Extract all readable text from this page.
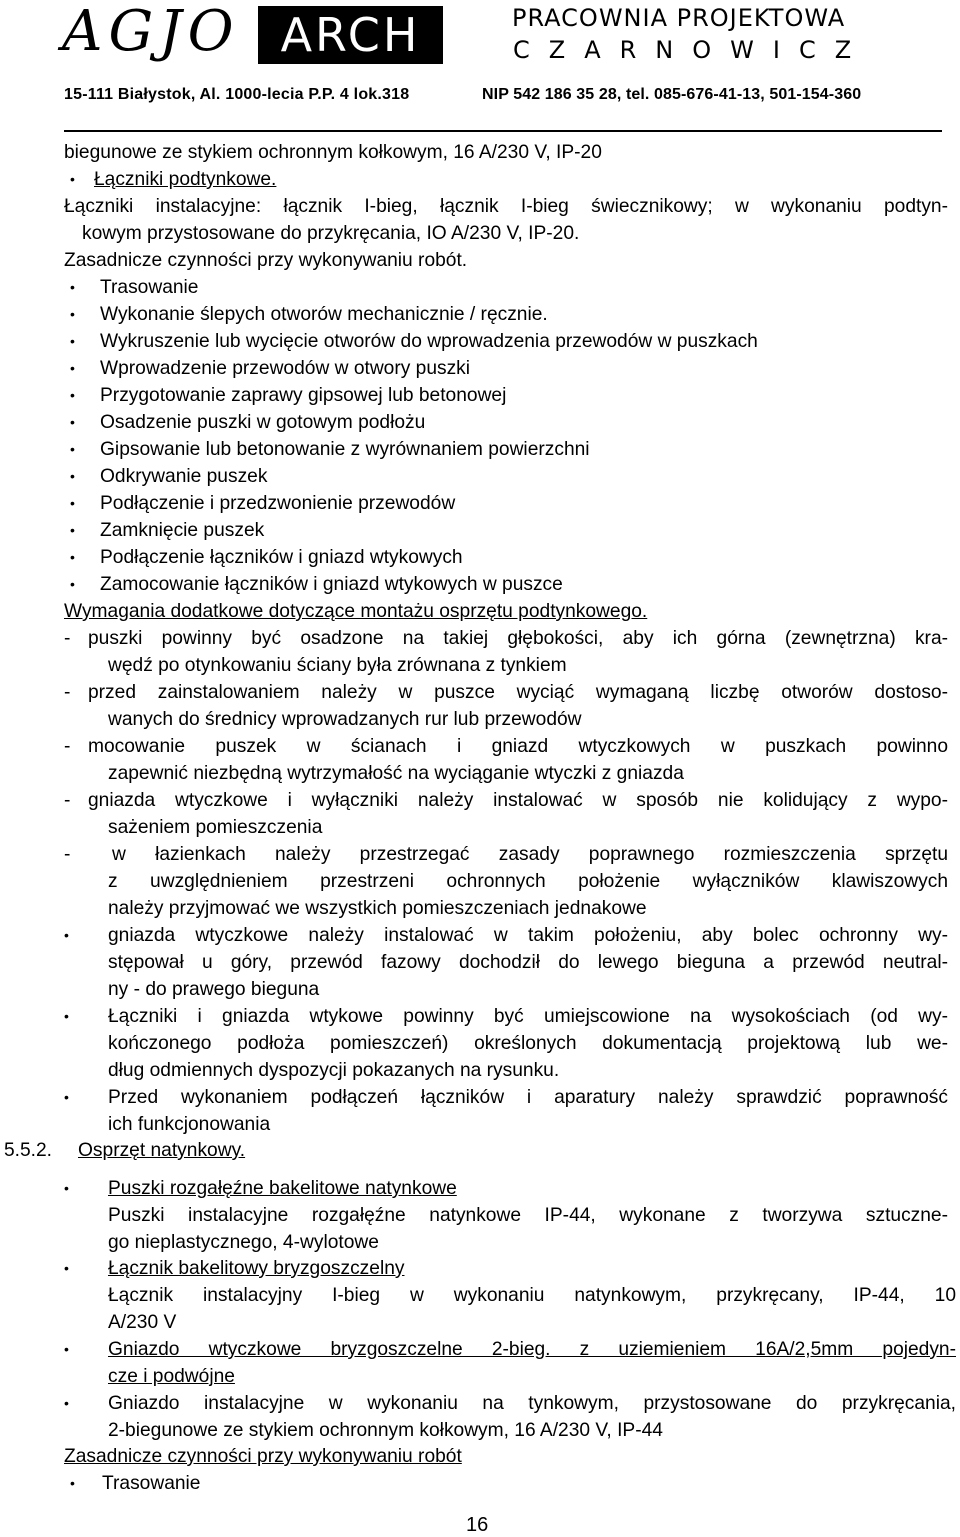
AGJO ARCH	PRACOWNIA PROJEKTOWA
CZARNOWICZ
15-111 Białystok, Al. 1000-lecia P.P. 4 lok.318	NIP 542 186 35 28, tel. 085-676-41-13, 501-154-360
biegunowe ze stykiem ochronnym kołkowym, 16 A/230 V, IP-20
• Łączniki podtynkowe.
Łączniki instalacyjne: łącznik I-bieg, łącznik I-bieg świecznikowy; w wykonaniu podtyn-
kowym przystosowane do przykręcania, IO A/230 V, IP-20.
Zasadnicze czynności przy wykonywaniu robót.
• Trasowanie
• Wykonanie ślepych otworów mechanicznie / ręcznie.
• Wykruszenie lub wycięcie otworów do wprowadzenia przewodów w puszkach
• Wprowadzenie przewodów w otwory puszki
• Przygotowanie zaprawy gipsowej lub betonowej
• Osadzenie puszki w gotowym podłożu
• Gipsowanie lub betonowanie z wyrównaniem powierzchni
• Odkrywanie puszek
• Podłączenie i przedzwonienie przewodów
• Zamknięcie puszek
• Podłączenie łączników i gniazd wtykowych
• Zamocowanie łączników i gniazd wtykowych w puszce
Wymagania dodatkowe dotyczące montażu osprzętu podtynkowego.
- puszki powinny być osadzone na takiej głębokości, aby ich górna (zewnętrzna) kra-
wędź po otynkowaniu ściany była zrównana z tynkiem
- przed zainstalowaniem należy w puszce wyciąć wymaganą liczbę otworów dostoso-
wanych do średnicy wprowadzanych rur lub przewodów
- mocowanie puszek w ścianach i gniazd wtyczkowych w puszkach powinno
zapewnić niezbędną wytrzymałość na wyciąganie wtyczki z gniazda
- gniazda wtyczkowe i wyłączniki należy instalować w sposób nie kolidujący z wypo-
sażeniem pomieszczenia
- w łazienkach należy przestrzegać zasady poprawnego rozmieszczenia sprzętu
z uwzględnieniem przestrzeni ochronnych położenie wyłączników klawiszowych
należy przyjmować we wszystkich pomieszczeniach jednakowe
• gniazda wtyczkowe należy instalować w takim położeniu, aby bolec ochronny wy-
stępował u góry, przewód fazowy dochodził do lewego bieguna a przewód neutral-
ny - do prawego bieguna
• Łączniki i gniazda wtykowe powinny być umiejscowione na wysokościach (od wy-
kończonego podłoża pomieszczeń) określonych dokumentacją projektową lub we-
dług odmiennych dyspozycji pokazanych na rysunku.
• Przed wykonaniem podłączeń łączników i aparatury należy sprawdzić poprawność
ich funkcjonowania
5.5.2. Osprzęt natynkowy.
• Puszki rozgałęźne bakelitowe natynkowe
Puszki instalacyjne rozgałęźne natynkowe IP-44, wykonane z tworzywa sztuczne-
go nieplastycznego, 4-wylotowe
• Łącznik bakelitowy bryzgoszczelny
Łącznik instalacyjny I-bieg w wykonaniu natynkowym, przykręcany, IP-44, 10
A/230 V
• Gniazdo wtyczkowe bryzgoszczelne 2-bieg. z uziemieniem 16A/2,5mm pojedyn-
cze i podwójne
• Gniazdo instalacyjne w wykonaniu na tynkowym, przystosowane do przykręcania,
2-biegunowe ze stykiem ochronnym kołkowym, 16 A/230 V, IP-44
Zasadnicze czynności przy wykonywaniu robót
• Trasowanie
16
